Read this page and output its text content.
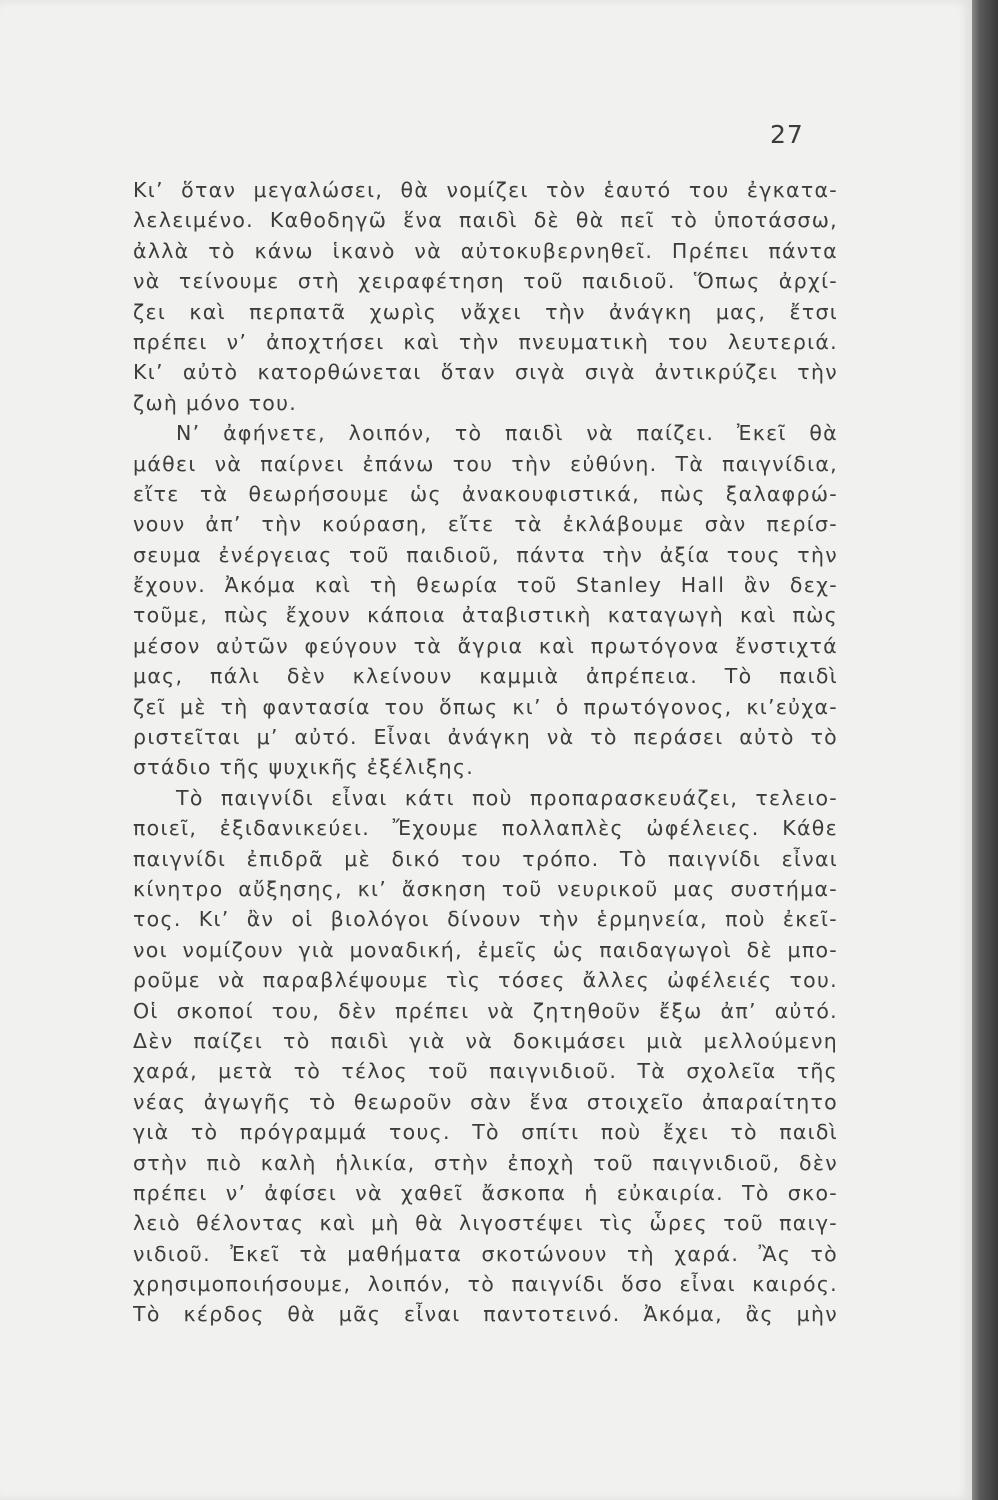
27
Κι’ ὅταν μεγαλώσει, θὰ νομίζει τὸν ἑαυτό του ἐγκατα-
λελειμένο. Καθοδηγῶ ἕνα παιδὶ δὲ θὰ πεῖ τὸ ὑποτάσσω,
ἀλλὰ τὸ κάνω ἱκανὸ νὰ αὐτοκυβερνηθεῖ. Πρέπει πάντα
νὰ τείνουμε στὴ χειραφέτηση τοῦ παιδιοῦ. Ὅπως ἀρχί-
ζει καὶ περπατᾶ χωρὶς νἄχει τὴν ἀνάγκη μας, ἔτσι
πρέπει ν’ ἀποχτήσει καὶ τὴν πνευματικὴ του λευτεριά.
Κι’ αὐτὸ κατορθώνεται ὅταν σιγὰ σιγὰ ἀντικρύζει τὴν
ζωὴ μόνο του.
Ν’ ἀφήνετε, λοιπόν, τὸ παιδὶ νὰ παίζει. Ἐκεῖ θὰ
μάθει νὰ παίρνει ἐπάνω του τὴν εὐθύνη. Τὰ παιγνίδια,
εἴτε τὰ θεωρήσουμε ὡς ἀνακουφιστικά, πὼς ξαλαφρώ-
νουν ἀπ’ τὴν κούραση, εἴτε τὰ ἐκλάβουμε σὰν περίσ-
σευμα ἐνέργειας τοῦ παιδιοῦ, πάντα τὴν ἀξία τους τὴν
ἔχουν. Ἀκόμα καὶ τὴ θεωρία τοῦ Stanley Hall ἂν δεχ-
τοῦμε, πὼς ἔχουν κάποια ἀταβιστικὴ καταγωγὴ καὶ πὼς
μέσον αὐτῶν φεύγουν τὰ ἄγρια καὶ πρωτόγονα ἔνστιχτά
μας, πάλι δὲν κλείνουν καμμιὰ ἀπρέπεια. Τὸ παιδὶ
ζεῖ μὲ τὴ φαντασία του ὅπως κι’ ὁ πρωτόγονος, κι’εὐχα-
ριστεῖται μ’ αὐτό. Εἶναι ἀνάγκη νὰ τὸ περάσει αὐτὸ τὸ
στάδιο τῆς ψυχικῆς ἐξέλιξης.
Τὸ παιγνίδι εἶναι κάτι ποὺ προπαρασκευάζει, τελειο-
ποιεῖ, ἐξιδανικεύει. Ἔχουμε πολλαπλὲς ὠφέλειες. Κάθε
παιγνίδι ἐπιδρᾶ μὲ δικό του τρόπο. Τὸ παιγνίδι εἶναι
κίνητρο αὔξησης, κι’ ἄσκηση τοῦ νευρικοῦ μας συστήμα-
τος. Κι’ ἂν οἱ βιολόγοι δίνουν τὴν ἑρμηνεία, ποὺ ἐκεῖ-
νοι νομίζουν γιὰ μοναδική, ἐμεῖς ὡς παιδαγωγοὶ δὲ μπο-
ροῦμε νὰ παραβλέψουμε τὶς τόσες ἄλλες ὠφέλειές του.
Οἱ σκοποί του, δὲν πρέπει νὰ ζητηθοῦν ἔξω ἀπ’ αὐτό.
Δὲν παίζει τὸ παιδὶ γιὰ νὰ δοκιμάσει μιὰ μελλούμενη
χαρά, μετὰ τὸ τέλος τοῦ παιγνιδιοῦ. Τὰ σχολεῖα τῆς
νέας ἀγωγῆς τὸ θεωροῦν σὰν ἕνα στοιχεῖο ἀπαραίτητο
γιὰ τὸ πρόγραμμά τους. Τὸ σπίτι ποὺ ἔχει τὸ παιδὶ
στὴν πιὸ καλὴ ἡλικία, στὴν ἐποχὴ τοῦ παιγνιδιοῦ, δὲν
πρέπει ν’ ἀφίσει νὰ χαθεῖ ἄσκοπα ἡ εὐκαιρία. Τὸ σκο-
λειὸ θέλοντας καὶ μὴ θὰ λιγοστέψει τὶς ὧρες τοῦ παιγ-
νιδιοῦ. Ἐκεῖ τὰ μαθήματα σκοτώνουν τὴ χαρά. Ἂς τὸ
χρησιμοποιήσουμε, λοιπόν, τὸ παιγνίδι ὅσο εἶναι καιρός.
Τὸ κέρδος θὰ μᾶς εἶναι παντοτεινό. Ἀκόμα, ἂς μὴν
